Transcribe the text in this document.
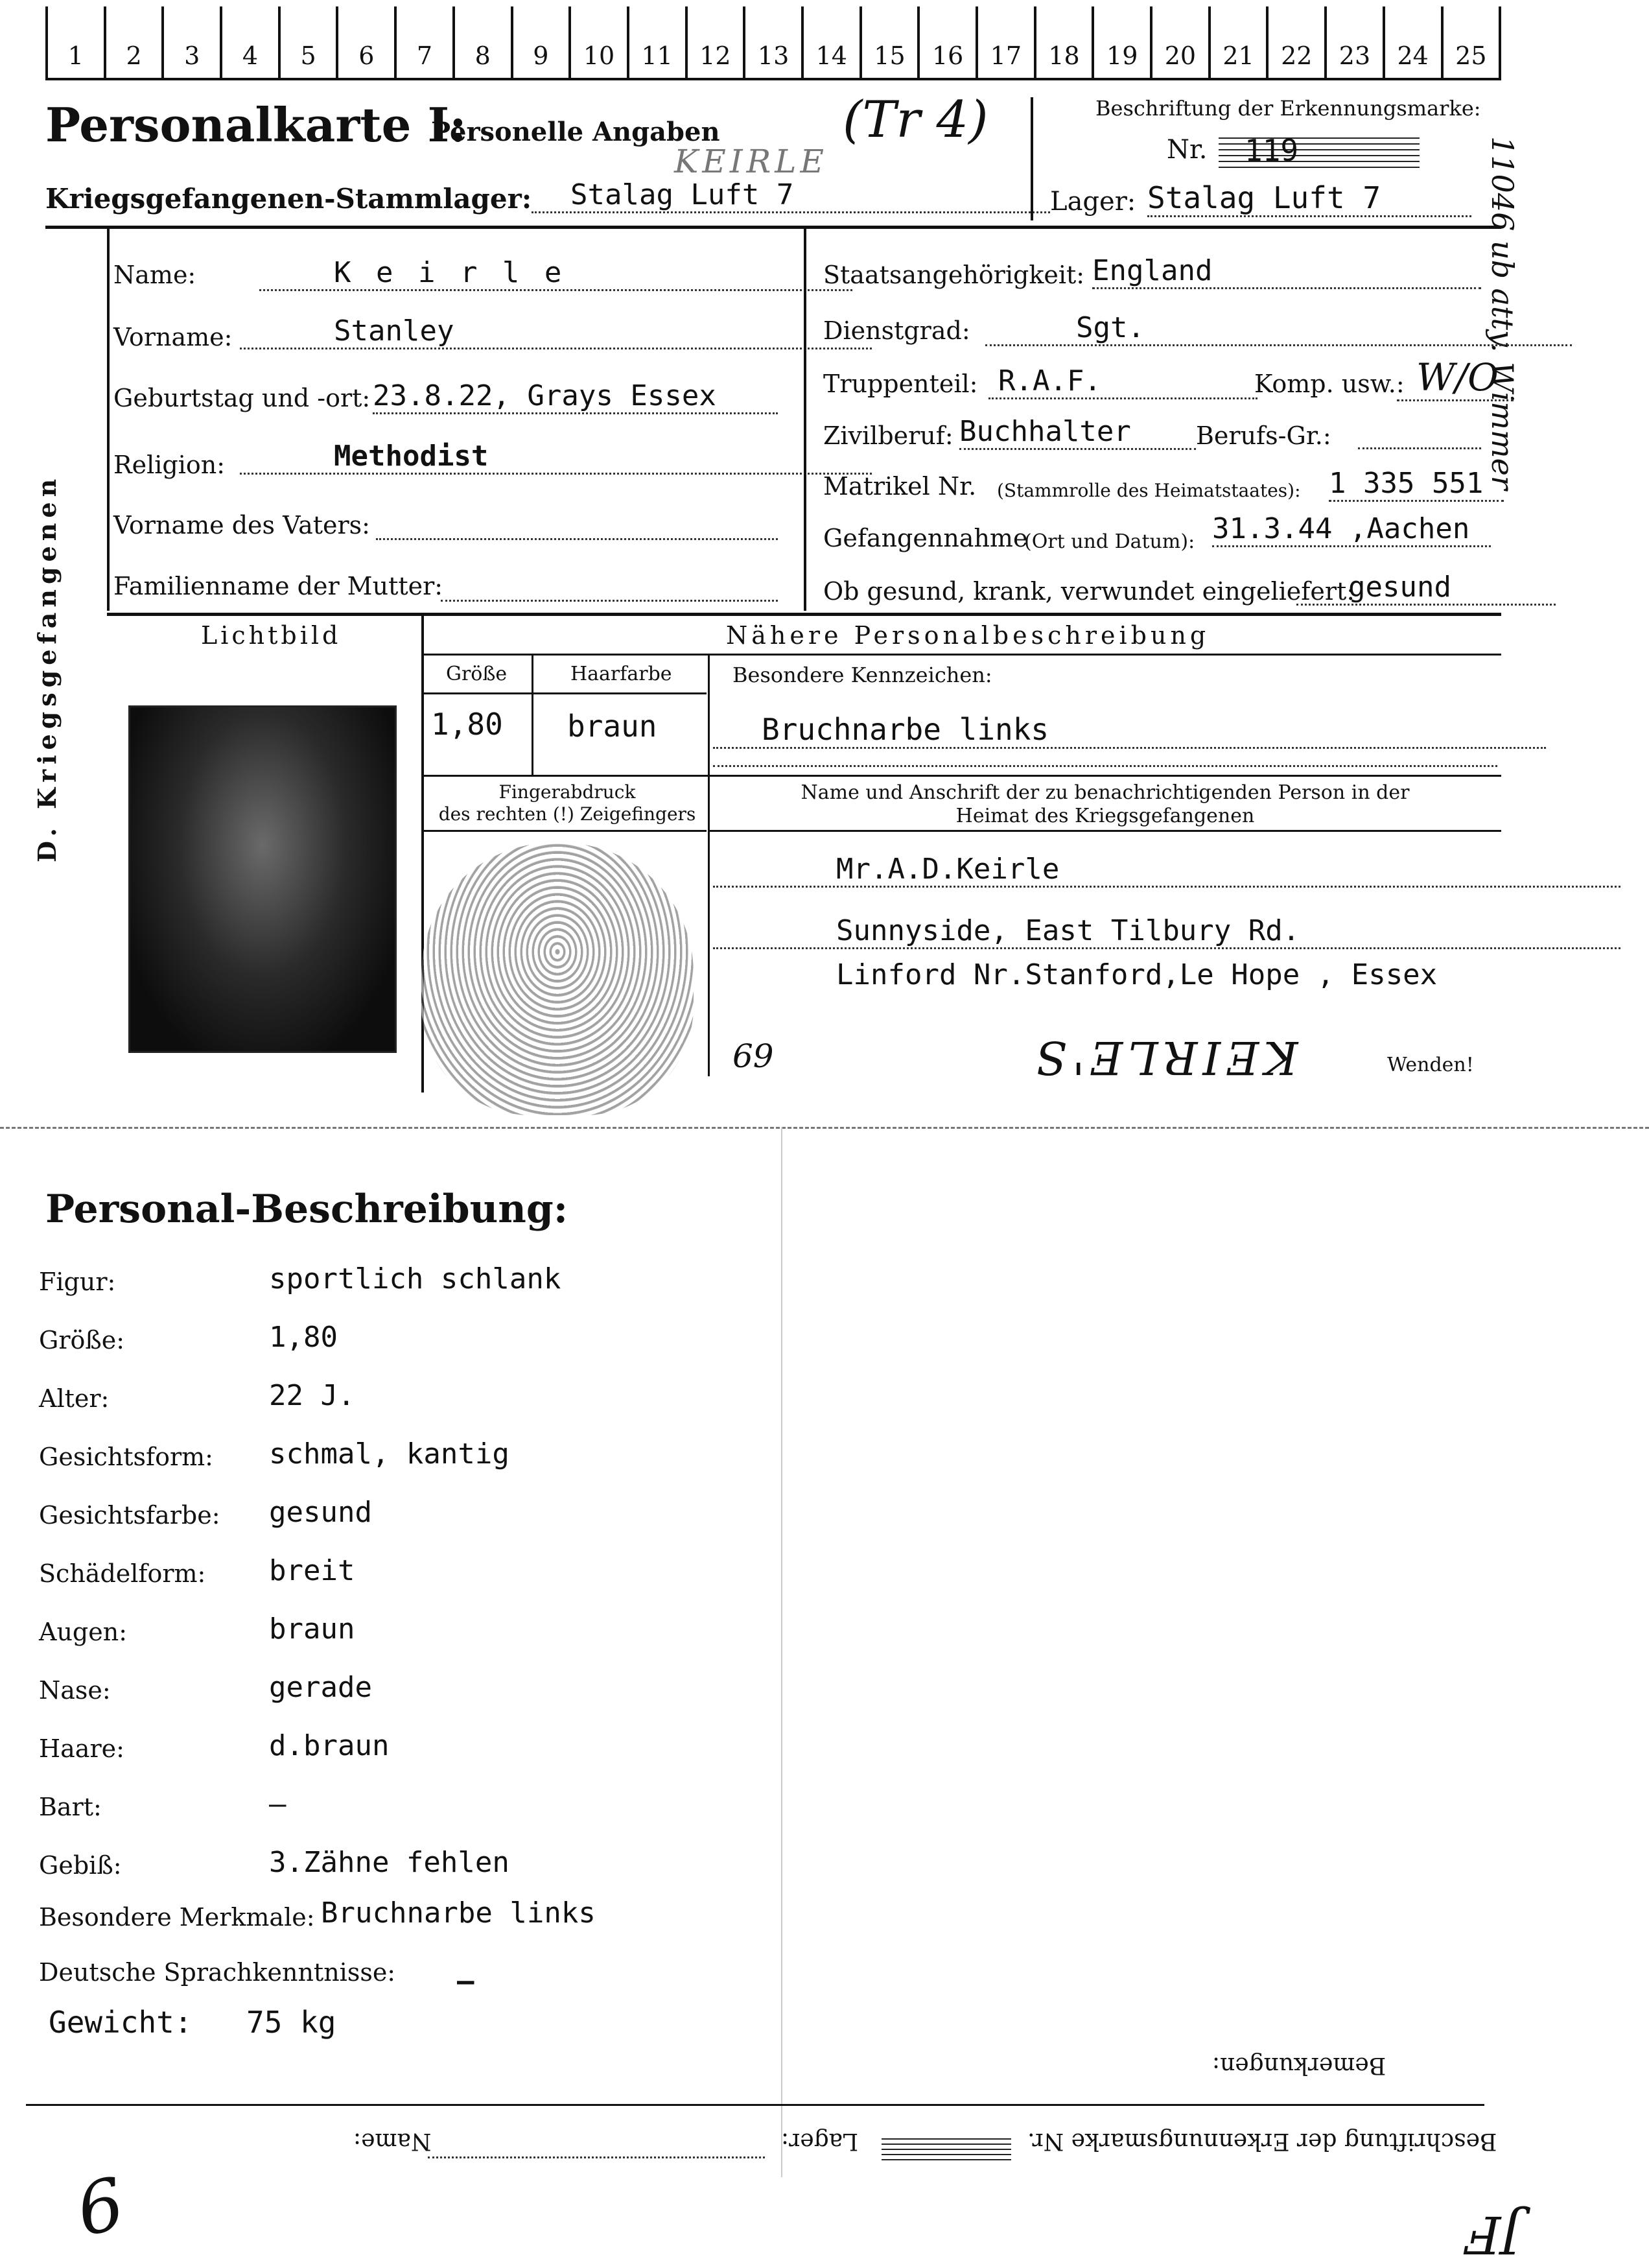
1	2	3	4	5	6	7	8	9	10	11	12	13	14	15	16	17	18	19	20	21	22	23	24	25
Personalkarte I:
Personelle Angaben
KEIRLE
(Tr 4)
Kriegsgefangenen-Stammlager:	Stalag Luft 7
Beschriftung der Erkennungsmarke:
Nr.	119
Lager: Stalag Luft 7
D. Kriegsgefangenen
11046 ub atty. Wimmer
Name:	K e i r l e
Vorname:	Stanley
Geburtstag und -ort: 23.8.22, Grays Essex
Religion:	Methodist
Vorname des Vaters:
Familienname der Mutter:
Staatsangehörigkeit: England
Dienstgrad:	Sgt.
Truppenteil: R.A.F.	Komp. usw.: W/O
Zivilberuf: Buchhalter	Berufs-Gr.:
Matrikel Nr. (Stammrolle des Heimatstaates): 1 335 551
Gefangennahme
(Ort und Datum): 31.3.44 ,Aachen
Ob gesund, krank, verwundet eingeliefert:
gesund
Lichtbild	Nähere Personalbeschreibung
Größe	Haarfarbe
1,80 braun
Besondere Kennzeichen:
Bruchnarbe links
Fingerabdruck
des rechten (!) Zeigefingers
Name und Anschrift der zu benachrichtigenden Person in der
Heimat des Kriegsgefangenen
Mr.A.D.Keirle
Sunnyside, East Tilbury Rd.
Linford Nr.Stanford,Le Hope , Essex
69	KEIRLE'S	Wenden!
Personal-Beschreibung:
Figur:	sportlich schlank
Größe:	1,80
Alter:	22 J.
Gesichtsform: schmal, kantig
Gesichtsfarbe: gesund
Schädelform: breit
Augen:	braun
Nase:	gerade
Haare:	d.braun
Bart:	–
Gebiß:	3.Zähne fehlen
Besondere Merkmale: Bruchnarbe links
Deutsche Sprachkenntnisse: –
Gewicht: 75 kg
Bemerkungen:
Beschriftung der Erkennungsmarke Nr.
Lager:
Name:
6	JF
